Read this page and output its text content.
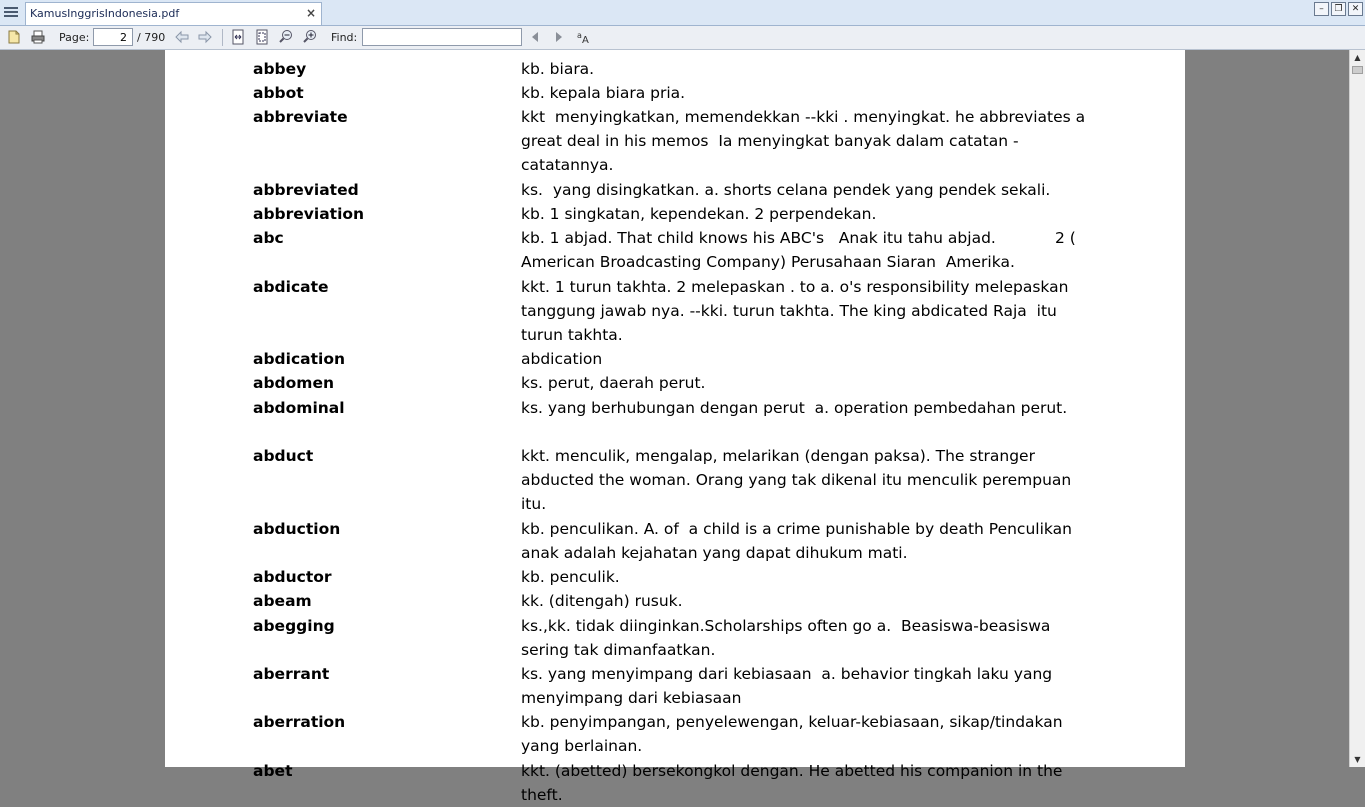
KamusInggrisIndonesia.pdf	×	–	❐	✕
Page:
2	/ 790	Find:	a A
abbey	kb. biara.
abbot	kb. kepala biara pria.
abbreviate	kkt  menyingkatkan, memendekkan --kki . menyingkat. he abbreviates a great deal in his memos  Ia menyingkat banyak dalam catatan - catatannya.
abbreviated	ks.  yang disingkatkan. a. shorts celana pendek yang pendek sekali.
abbreviation	kb. 1 singkatan, kependekan. 2 perpendekan.
abc	kb. 1 abjad. That child knows his ABC's   Anak itu tahu abjad.            2 ( American Broadcasting Company) Perusahaan Siaran  Amerika.
abdicate	kkt. 1 turun takhta. 2 melepaskan . to a. o's responsibility melepaskan tanggung jawab nya. --kki. turun takhta. The king abdicated Raja  itu turun takhta.
abdication	abdication
abdomen	ks. perut, daerah perut.
abdominal	ks. yang berhubungan dengan perut  a. operation pembedahan perut.
abduct	kkt. menculik, mengalap, melarikan (dengan paksa). The stranger abducted the woman. Orang yang tak dikenal itu menculik perempuan itu.
abduction	kb. penculikan. A. of  a child is a crime punishable by death Penculikan anak adalah kejahatan yang dapat dihukum mati.
abductor	kb. penculik.
abeam	kk. (ditengah) rusuk.
abegging	ks.,kk. tidak diinginkan.Scholarships often go a.  Beasiswa-beasiswa sering tak dimanfaatkan.
aberrant	ks. yang menyimpang dari kebiasaan  a. behavior tingkah laku yang menyimpang dari kebiasaan
aberration	kb. penyimpangan, penyelewengan, keluar-kebiasaan, sikap/tindakan yang berlainan.
abet	kkt. (abetted) bersekongkol dengan. He abetted his companion in the theft.
▲
▼
